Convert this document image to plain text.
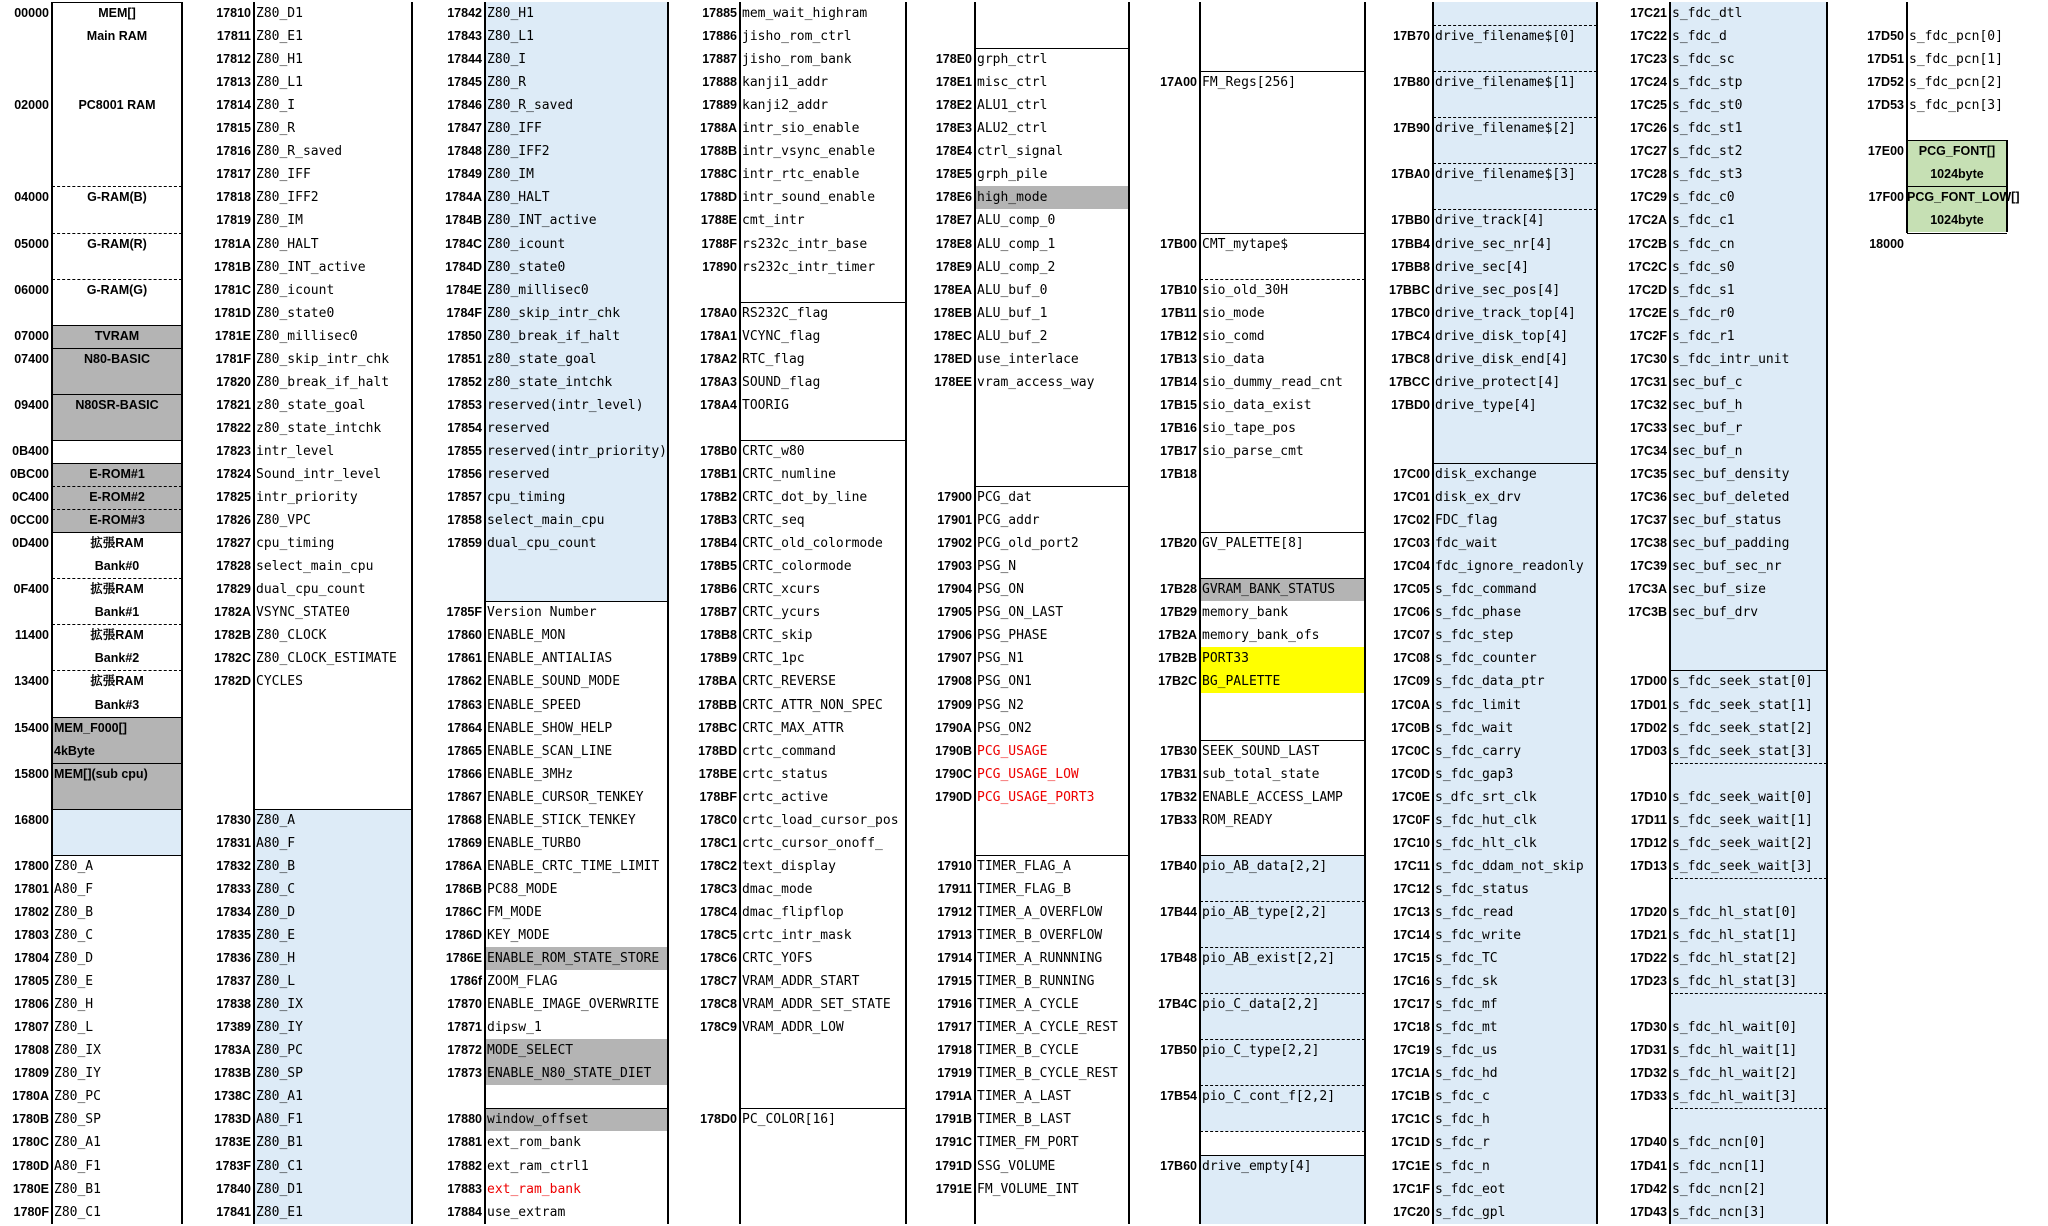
00000	MEM[]
Main RAM
02000	PC8001 RAM
04000	G-RAM(B)
05000	G-RAM(R)
06000	G-RAM(G)
07000	TVRAM
07400	N80-BASIC
09400	N80SR-BASIC
0B400
0BC00	E-ROM#1
0C400	E-ROM#2
0CC00	E-ROM#3
0D400	拡張RAM
Bank#0
0F400	拡張RAM
Bank#1
11400	拡張RAM
Bank#2
13400	拡張RAM
Bank#3
15400 MEM_F000[]
4kByte
15800 MEM[](sub cpu)
16800
17800 Z80_A
17801 A80_F
17802 Z80_B
17803 Z80_C
17804 Z80_D
17805 Z80_E
17806 Z80_H
17807 Z80_L
17808 Z80_IX
17809 Z80_IY
1780A Z80_PC
1780B Z80_SP
1780C Z80_A1
1780D A80_F1
1780E Z80_B1
1780F Z80_C1
17810 Z80_D1
17811 Z80_E1
17812 Z80_H1
17813 Z80_L1
17814 Z80_I
17815 Z80_R
17816 Z80_R_saved
17817 Z80_IFF
17818 Z80_IFF2
17819 Z80_IM
1781A Z80_HALT
1781B Z80_INT_active
1781C Z80_icount
1781D Z80_state0
1781E Z80_millisec0
1781F Z80_skip_intr_chk
17820 Z80_break_if_halt
17821 z80_state_goal
17822 z80_state_intchk
17823 intr_level
17824 Sound_intr_level
17825 intr_priority
17826 Z80_VPC
17827 cpu_timing
17828 select_main_cpu
17829 dual_cpu_count
1782A VSYNC_STATE0
1782B Z80_CLOCK
1782C Z80_CLOCK_ESTIMATE
1782D CYCLES
17830 Z80_A
17831 A80_F
17832 Z80_B
17833 Z80_C
17834 Z80_D
17835 Z80_E
17836 Z80_H
17837 Z80_L
17838 Z80_IX
17389 Z80_IY
1783A Z80_PC
1783B Z80_SP
1738C Z80_A1
1783D A80_F1
1783E Z80_B1
1783F Z80_C1
17840 Z80_D1
17841 Z80_E1
17842 Z80_H1
17843 Z80_L1
17844 Z80_I
17845 Z80_R
17846 Z80_R_saved
17847 Z80_IFF
17848 Z80_IFF2
17849 Z80_IM
1784A Z80_HALT
1784B Z80_INT_active
1784C Z80_icount
1784D Z80_state0
1784E Z80_millisec0
1784F Z80_skip_intr_chk
17850 Z80_break_if_halt
17851 z80_state_goal
17852 z80_state_intchk
17853 reserved(intr_level)
17854 reserved
17855 reserved(intr_priority)
17856 reserved
17857 cpu_timing
17858 select_main_cpu
17859 dual_cpu_count
1785F Version Number
17860 ENABLE_MON
17861 ENABLE_ANTIALIAS
17862 ENABLE_SOUND_MODE
17863 ENABLE_SPEED
17864 ENABLE_SHOW_HELP
17865 ENABLE_SCAN_LINE
17866 ENABLE_3MHz
17867 ENABLE_CURSOR_TENKEY
17868 ENABLE_STICK_TENKEY
17869 ENABLE_TURBO
1786A ENABLE_CRTC_TIME_LIMIT
1786B PC88_MODE
1786C FM_MODE
1786D KEY_MODE
1786E ENABLE_ROM_STATE_STORE
1786f ZOOM_FLAG
17870 ENABLE_IMAGE_OVERWRITE
17871 dipsw_1
17872 MODE_SELECT
17873 ENABLE_N80_STATE_DIET
17880 window_offset
17881 ext_rom_bank
17882 ext_ram_ctrl1
17883 ext_ram_bank
17884 use_extram
17885 mem_wait_highram
17886 jisho_rom_ctrl
17887 jisho_rom_bank
17888 kanji1_addr
17889 kanji2_addr
1788A intr_sio_enable
1788B intr_vsync_enable
1788C intr_rtc_enable
1788D intr_sound_enable
1788E cmt_intr
1788F rs232c_intr_base
17890 rs232c_intr_timer
178A0 RS232C_flag
178A1 VCYNC_flag
178A2 RTC_flag
178A3 SOUND_flag
178A4 TOORIG
178B0 CRTC_w80
178B1 CRTC_numline
178B2 CRTC_dot_by_line
178B3 CRTC_seq
178B4 CRTC_old_colormode
178B5 CRTC_colormode
178B6 CRTC_xcurs
178B7 CRTC_ycurs
178B8 CRTC_skip
178B9 CRTC_1pc
178BA CRTC_REVERSE
178BB CRTC_ATTR_NON_SPEC
178BC CRTC_MAX_ATTR
178BD crtc_command
178BE crtc_status
178BF crtc_active
178C0 crtc_load_cursor_pos
178C1 crtc_cursor_onoff_
178C2 text_display
178C3 dmac_mode
178C4 dmac_flipflop
178C5 crtc_intr_mask
178C6 CRTC_YOFS
178C7 VRAM_ADDR_START
178C8 VRAM_ADDR_SET_STATE
178C9 VRAM_ADDR_LOW
178D0 PC_COLOR[16]
178E0 grph_ctrl
178E1 misc_ctrl
178E2 ALU1_ctrl
178E3 ALU2_ctrl
178E4 ctrl_signal
178E5 grph_pile
178E6 high_mode
178E7 ALU_comp_0
178E8 ALU_comp_1
178E9 ALU_comp_2
178EA ALU_buf_0
178EB ALU_buf_1
178EC ALU_buf_2
178ED use_interlace
178EE vram_access_way
17900 PCG_dat
17901 PCG_addr
17902 PCG_old_port2
17903 PSG_N
17904 PSG_ON
17905 PSG_ON_LAST
17906 PSG_PHASE
17907 PSG_N1
17908 PSG_ON1
17909 PSG_N2
1790A PSG_ON2
1790B PCG_USAGE
1790C PCG_USAGE_LOW
1790D PCG_USAGE_PORT3
17910 TIMER_FLAG_A
17911 TIMER_FLAG_B
17912 TIMER_A_OVERFLOW
17913 TIMER_B_OVERFLOW
17914 TIMER_A_RUNNNING
17915 TIMER_B_RUNNING
17916 TIMER_A_CYCLE
17917 TIMER_A_CYCLE_REST
17918 TIMER_B_CYCLE
17919 TIMER_B_CYCLE_REST
1791A TIMER_A_LAST
1791B TIMER_B_LAST
1791C TIMER_FM_PORT
1791D SSG_VOLUME
1791E FM_VOLUME_INT
17A00 FM_Regs[256]
17B00 CMT_mytape$
17B10 sio_old_30H
17B11 sio_mode
17B12 sio_comd
17B13 sio_data
17B14 sio_dummy_read_cnt
17B15 sio_data_exist
17B16 sio_tape_pos
17B17 sio_parse_cmt
17B18
17B20 GV_PALETTE[8]
17B28 GVRAM_BANK_STATUS
17B29 memory_bank
17B2A memory_bank_ofs
17B2B PORT33
17B2C BG_PALETTE
17B30 SEEK_SOUND_LAST
17B31 sub_total_state
17B32 ENABLE_ACCESS_LAMP
17B33 ROM_READY
17B40 pio_AB_data[2,2]
17B44 pio_AB_type[2,2]
17B48 pio_AB_exist[2,2]
17B4C pio_C_data[2,2]
17B50 pio_C_type[2,2]
17B54 pio_C_cont_f[2,2]
17B60 drive_empty[4]
17B70 drive_filename$[0]
17B80 drive_filename$[1]
17B90 drive_filename$[2]
17BA0 drive_filename$[3]
17BB0 drive_track[4]
17BB4 drive_sec_nr[4]
17BB8 drive_sec[4]
17BBC drive_sec_pos[4]
17BC0 drive_track_top[4]
17BC4 drive_disk_top[4]
17BC8 drive_disk_end[4]
17BCC drive_protect[4]
17BD0 drive_type[4]
17C00 disk_exchange
17C01 disk_ex_drv
17C02 FDC_flag
17C03 fdc_wait
17C04 fdc_ignore_readonly
17C05 s_fdc_command
17C06 s_fdc_phase
17C07 s_fdc_step
17C08 s_fdc_counter
17C09 s_fdc_data_ptr
17C0A s_fdc_limit
17C0B s_fdc_wait
17C0C s_fdc_carry
17C0D s_fdc_gap3
17C0E s_dfc_srt_clk
17C0F s_fdc_hut_clk
17C10 s_fdc_hlt_clk
17C11 s_fdc_ddam_not_skip
17C12 s_fdc_status
17C13 s_fdc_read
17C14 s_fdc_write
17C15 s_fdc_TC
17C16 s_fdc_sk
17C17 s_fdc_mf
17C18 s_fdc_mt
17C19 s_fdc_us
17C1A s_fdc_hd
17C1B s_fdc_c
17C1C s_fdc_h
17C1D s_fdc_r
17C1E s_fdc_n
17C1F s_fdc_eot
17C20 s_fdc_gpl
17C21 s_fdc_dtl
17C22 s_fdc_d
17C23 s_fdc_sc
17C24 s_fdc_stp
17C25 s_fdc_st0
17C26 s_fdc_st1
17C27 s_fdc_st2
17C28 s_fdc_st3
17C29 s_fdc_c0
17C2A s_fdc_c1
17C2B s_fdc_cn
17C2C s_fdc_s0
17C2D s_fdc_s1
17C2E s_fdc_r0
17C2F s_fdc_r1
17C30 s_fdc_intr_unit
17C31 sec_buf_c
17C32 sec_buf_h
17C33 sec_buf_r
17C34 sec_buf_n
17C35 sec_buf_density
17C36 sec_buf_deleted
17C37 sec_buf_status
17C38 sec_buf_padding
17C39 sec_buf_sec_nr
17C3A sec_buf_size
17C3B sec_buf_drv
17D00 s_fdc_seek_stat[0]
17D01 s_fdc_seek_stat[1]
17D02 s_fdc_seek_stat[2]
17D03 s_fdc_seek_stat[3]
17D10 s_fdc_seek_wait[0]
17D11 s_fdc_seek_wait[1]
17D12 s_fdc_seek_wait[2]
17D13 s_fdc_seek_wait[3]
17D20 s_fdc_hl_stat[0]
17D21 s_fdc_hl_stat[1]
17D22 s_fdc_hl_stat[2]
17D23 s_fdc_hl_stat[3]
17D30 s_fdc_hl_wait[0]
17D31 s_fdc_hl_wait[1]
17D32 s_fdc_hl_wait[2]
17D33 s_fdc_hl_wait[3]
17D40 s_fdc_ncn[0]
17D41 s_fdc_ncn[1]
17D42 s_fdc_ncn[2]
17D43 s_fdc_ncn[3]
17D50 s_fdc_pcn[0]
17D51 s_fdc_pcn[1]
17D52 s_fdc_pcn[2]
17D53 s_fdc_pcn[3]
17E00	PCG_FONT[]
1024byte
17F00 PCG_FONT_LOW[]
1024byte
18000
